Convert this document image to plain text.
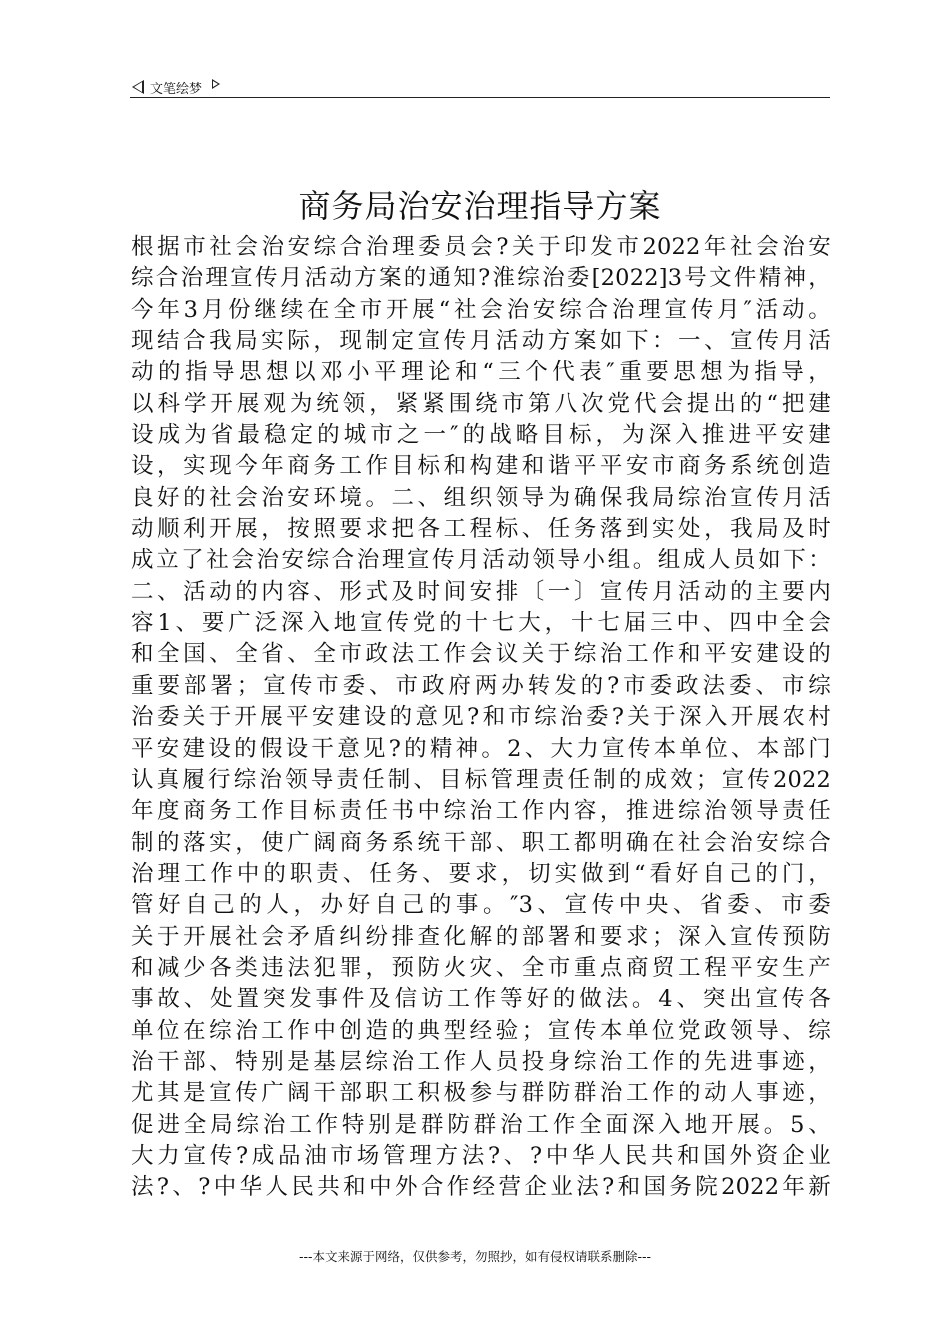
文笔绘梦
商务局治安治理指导方案
根据市社会治安综合治理委员会?关于印发市2022年社会治安
综合治理宣传月活动方案的通知?淮综治委[2022]3号文件精神，
今年3月份继续在全市开展“社会治安综合治理宣传月″活动。
现结合我局实际，现制定宣传月活动方案如下：一、宣传月活
动的指导思想以邓小平理论和“三个代表″重要思想为指导，
以科学开展观为统领，紧紧围绕市第八次党代会提出的“把建
设成为省最稳定的城市之一″的战略目标，为深入推进平安建
设，实现今年商务工作目标和构建和谐平平安市商务系统创造
良好的社会治安环境。二、组织领导为确保我局综治宣传月活
动顺利开展，按照要求把各工程标、任务落到实处，我局及时
成立了社会治安综合治理宣传月活动领导小组。组成人员如下：
二、活动的内容、形式及时间安排〔一〕宣传月活动的主要内
容1、要广泛深入地宣传党的十七大，十七届三中、四中全会
和全国、全省、全市政法工作会议关于综治工作和平安建设的
重要部署；宣传市委、市政府两办转发的?市委政法委、市综
治委关于开展平安建设的意见?和市综治委?关于深入开展农村
平安建设的假设干意见?的精神。2、大力宣传本单位、本部门
认真履行综治领导责任制、目标管理责任制的成效；宣传2022
年度商务工作目标责任书中综治工作内容，推进综治领导责任
制的落实，使广阔商务系统干部、职工都明确在社会治安综合
治理工作中的职责、任务、要求，切实做到“看好自己的门，
管好自己的人，办好自己的事。″3、宣传中央、省委、市委
关于开展社会矛盾纠纷排查化解的部署和要求；深入宣传预防
和减少各类违法犯罪，预防火灾、全市重点商贸工程平安生产
事故、处置突发事件及信访工作等好的做法。4、突出宣传各
单位在综治工作中创造的典型经验；宣传本单位党政领导、综
治干部、特别是基层综治工作人员投身综治工作的先进事迹，
尤其是宣传广阔干部职工积极参与群防群治工作的动人事迹，
促进全局综治工作特别是群防群治工作全面深入地开展。5、
大力宣传?成品油市场管理方法?、?中华人民共和国外资企业
法?、?中华人民共和中外合作经营企业法?和国务院2022年新
---本文来源于网络，仅供参考，勿照抄，如有侵权请联系删除---
